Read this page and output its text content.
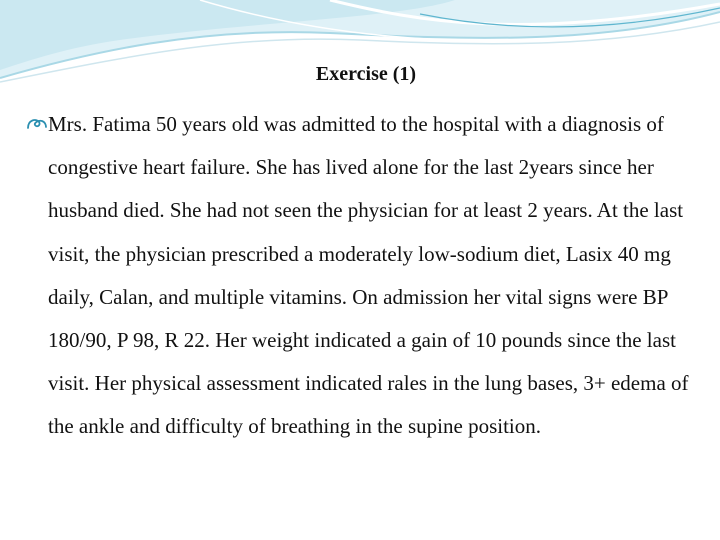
Exercise (1)

Mrs. Fatima 50 years old was admitted to the hospital with a diagnosis of congestive heart failure. She has lived alone for the last 2years since her husband died. She had not seen the physician for at least 2 years. At the last visit, the physician prescribed a moderately low-sodium diet, Lasix 40 mg daily, Calan, and multiple vitamins. On admission her vital signs were BP 180/90, P 98, R 22. Her weight indicated a gain of 10 pounds since the last visit. Her physical assessment indicated rales in the lung bases, 3+ edema of the ankle and difficulty of breathing in the supine position.
